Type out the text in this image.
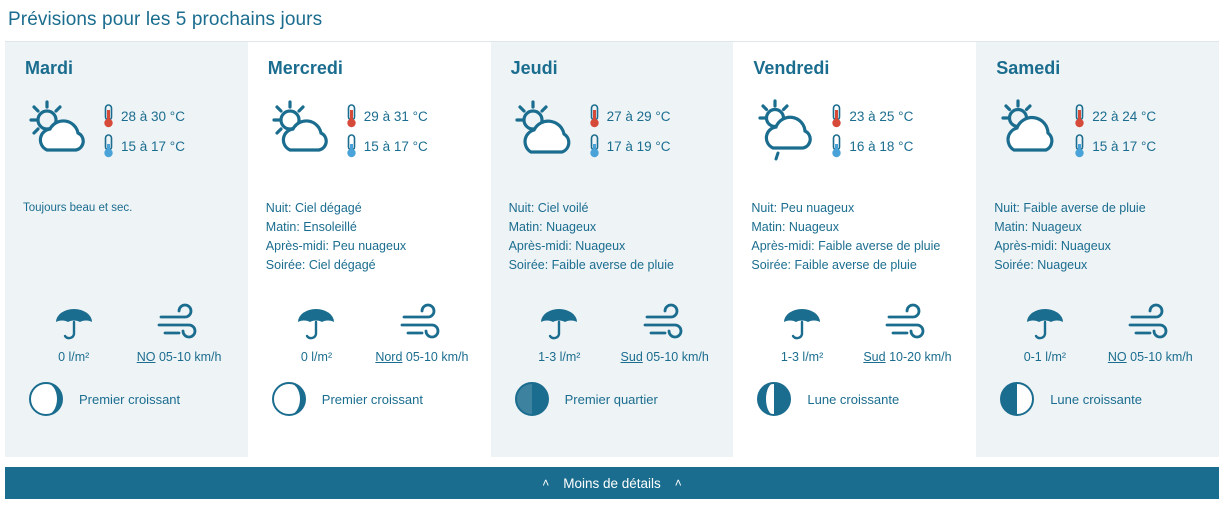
Prévisions pour les 5 prochains jours
Mardi
28 à 30 °C
15 à 17 °C
Toujours beau et sec.
0 l/m²	NO 05-10 km/h
Premier croissant
Mercredi
29 à 31 °C
15 à 17 °C
Nuit: Ciel dégagé
Matin: Ensoleillé
Après-midi: Peu nuageux
Soirée: Ciel dégagé
0 l/m²	Nord 05-10 km/h
Premier croissant
Jeudi
27 à 29 °C
17 à 19 °C
Nuit: Ciel voilé
Matin: Nuageux
Après-midi: Nuageux
Soirée: Faible averse de pluie
1-3 l/m²	Sud 05-10 km/h
Premier quartier
Vendredi
23 à 25 °C
16 à 18 °C
Nuit: Peu nuageux
Matin: Nuageux
Après-midi: Faible averse de pluie
Soirée: Faible averse de pluie
1-3 l/m²	Sud 10-20 km/h
Lune croissante
Samedi
22 à 24 °C
15 à 17 °C
Nuit: Faible averse de pluie
Matin: Nuageux
Après-midi: Nuageux
Soirée: Nuageux
0-1 l/m²	NO 05-10 km/h
Lune croissante
˄ Moins de détails ˄
